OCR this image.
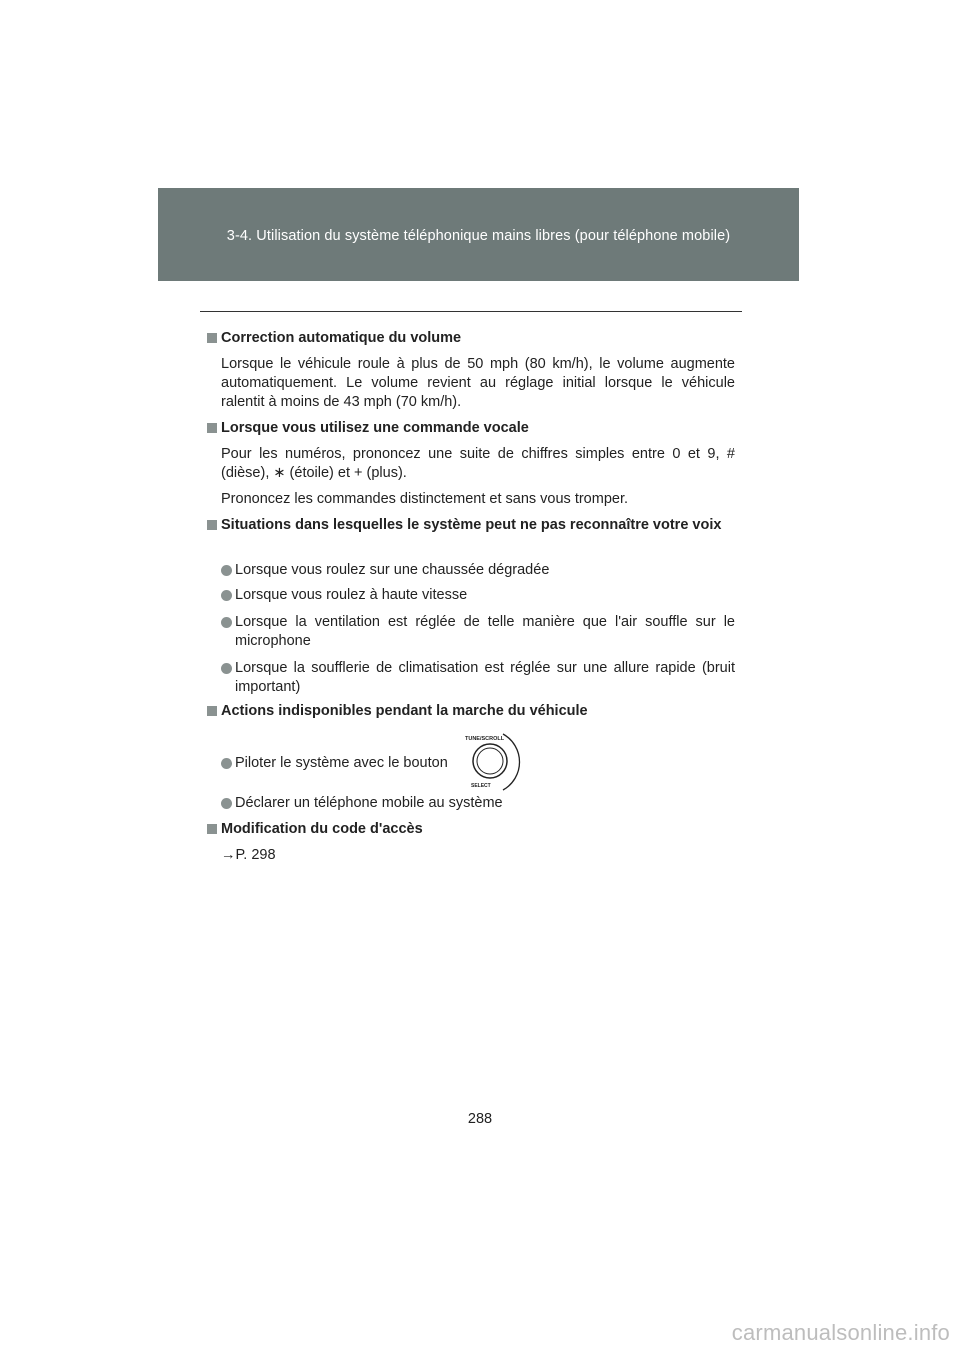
3-4. Utilisation du système téléphonique mains libres (pour téléphone mobile)
Correction automatique du volume
Lorsque le véhicule roule à plus de 50 mph (80 km/h), le volume augmente automatiquement. Le volume revient au réglage initial lorsque le véhicule ralentit à moins de 43 mph (70 km/h).
Lorsque vous utilisez une commande vocale
Pour les numéros, prononcez une suite de chiffres simples entre 0 et 9, # (dièse), ∗ (étoile) et + (plus).
Prononcez les commandes distinctement et sans vous tromper.
Situations dans lesquelles le système peut ne pas reconnaître votre voix
Lorsque vous roulez sur une chaussée dégradée
Lorsque vous roulez à haute vitesse
Lorsque la ventilation est réglée de telle manière que l'air souffle sur le microphone
Lorsque la soufflerie de climatisation est réglée sur une allure rapide (bruit important)
Actions indisponibles pendant la marche du véhicule
Piloter le système avec le bouton
TUNE/SCROLL
SELECT
Déclarer un téléphone mobile au système
Modification du code d'accès
→P. 298
288
carmanualsonline.info
